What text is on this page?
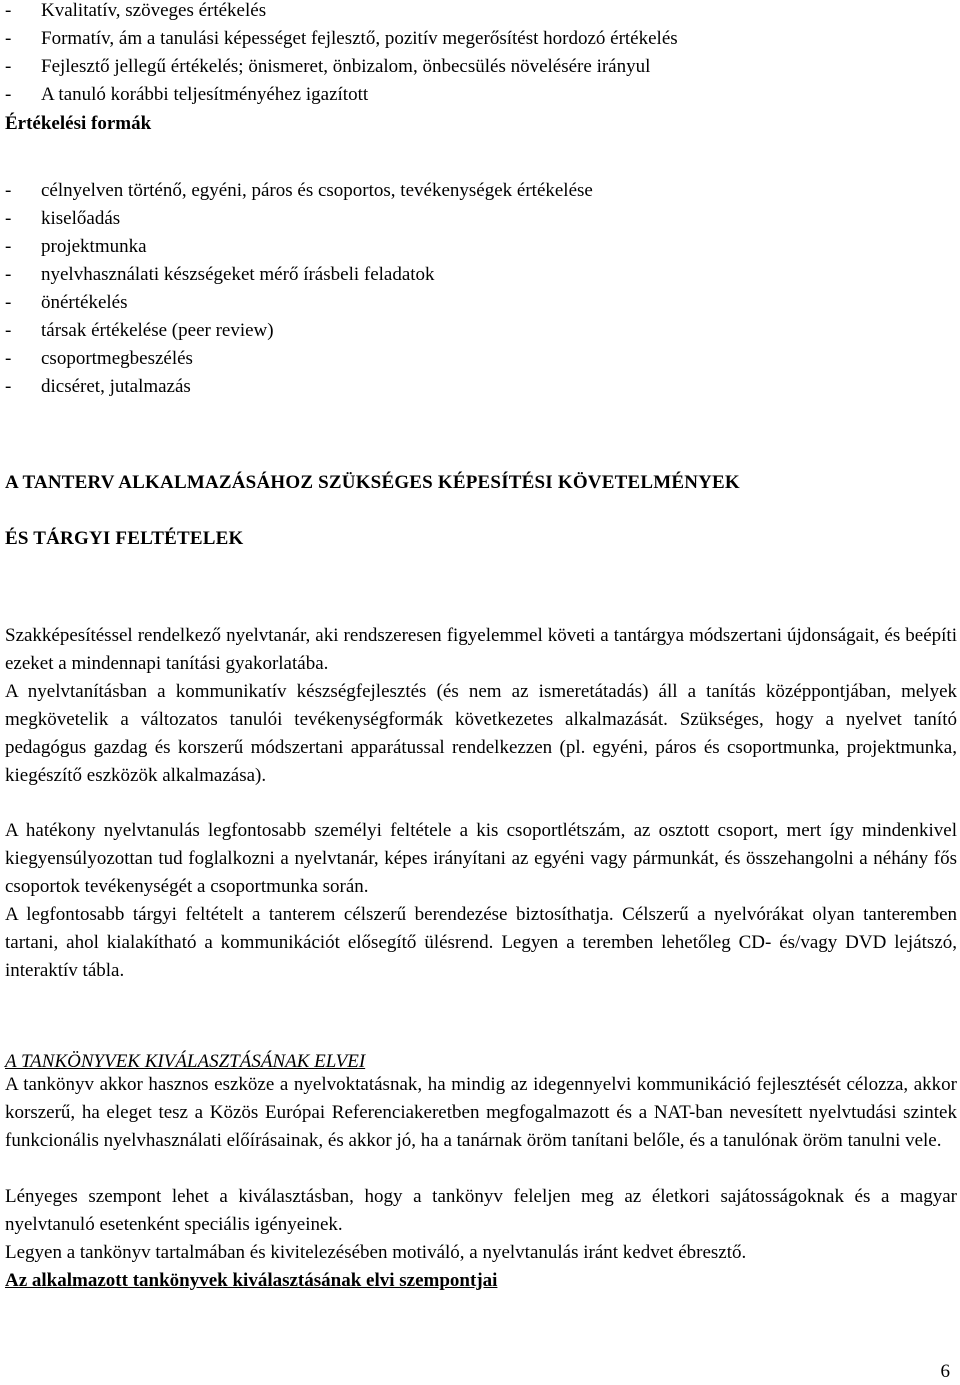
- Kvalitatív, szöveges értékelés
- Formatív, ám a tanulási képességet fejlesztő, pozitív megerősítést hordozó értékelés
- Fejlesztő jellegű értékelés; önismeret, önbizalom, önbecsülés növelésére irányul
- A tanuló korábbi teljesítményéhez igazított
Értékelési formák
- célnyelven történő, egyéni, páros és csoportos, tevékenységek értékelése
- kiselőadás
- projektmunka
- nyelvhasználati készségeket mérő írásbeli feladatok
- önértékelés
- társak értékelése (peer review)
- csoportmegbeszélés
- dicséret, jutalmazás
A TANTERV ALKALMAZÁSÁHOZ SZÜKSÉGES KÉPESÍTÉSI KÖVETELMÉNYEK
ÉS TÁRGYI FELTÉTELEK

Szakképesítéssel rendelkező nyelvtanár, aki rendszeresen figyelemmel követi a tantárgya módszertani újdonságait, és beépíti ezeket a mindennapi tanítási gyakorlatába.

A nyelvtanításban a kommunikatív készségfejlesztés (és nem az ismeretátadás) áll a tanítás középpontjában, melyek megkövetelik a változatos tanulói tevékenységformák következetes alkalmazását. Szükséges, hogy a nyelvet tanító pedagógus gazdag és korszerű módszertani apparátussal rendelkezzen (pl. egyéni, páros és csoportmunka, projektmunka, kiegészítő eszközök alkalmazása).

A hatékony nyelvtanulás legfontosabb személyi feltétele a kis csoportlétszám, az osztott csoport, mert így mindenkivel kiegyensúlyozottan tud foglalkozni a nyelvtanár, képes irányítani az egyéni vagy pármunkát, és összehangolni a néhány fős csoportok tevékenységét a csoportmunka során.

A legfontosabb tárgyi feltételt a tanterem célszerű berendezése biztosíthatja. Célszerű a nyelvórákat olyan tanteremben tartani, ahol kialakítható a kommunikációt elősegítő ülésrend. Legyen a teremben lehetőleg CD- és/vagy DVD lejátszó, interaktív tábla.

A TANKÖNYVEK KIVÁLASZTÁSÁNAK ELVEI

A tankönyv akkor hasznos eszköze a nyelvoktatásnak, ha mindig az idegennyelvi kommunikáció fejlesztését célozza, akkor korszerű, ha eleget tesz a Közös Európai Referenciakeretben megfogalmazott és a NAT-ban nevesített nyelvtudási szintek funkcionális nyelvhasználati előírásainak, és akkor jó, ha a tanárnak öröm tanítani belőle, és a tanulónak öröm tanulni vele.

Lényeges szempont lehet a kiválasztásban, hogy a tankönyv feleljen meg az életkori sajátosságoknak és a magyar nyelvtanuló esetenként speciális igényeinek.

Legyen a tankönyv tartalmában és kivitelezésében motiváló, a nyelvtanulás iránt kedvet ébresztő.

Az alkalmazott tankönyvek kiválasztásának elvi szempontjai
6
